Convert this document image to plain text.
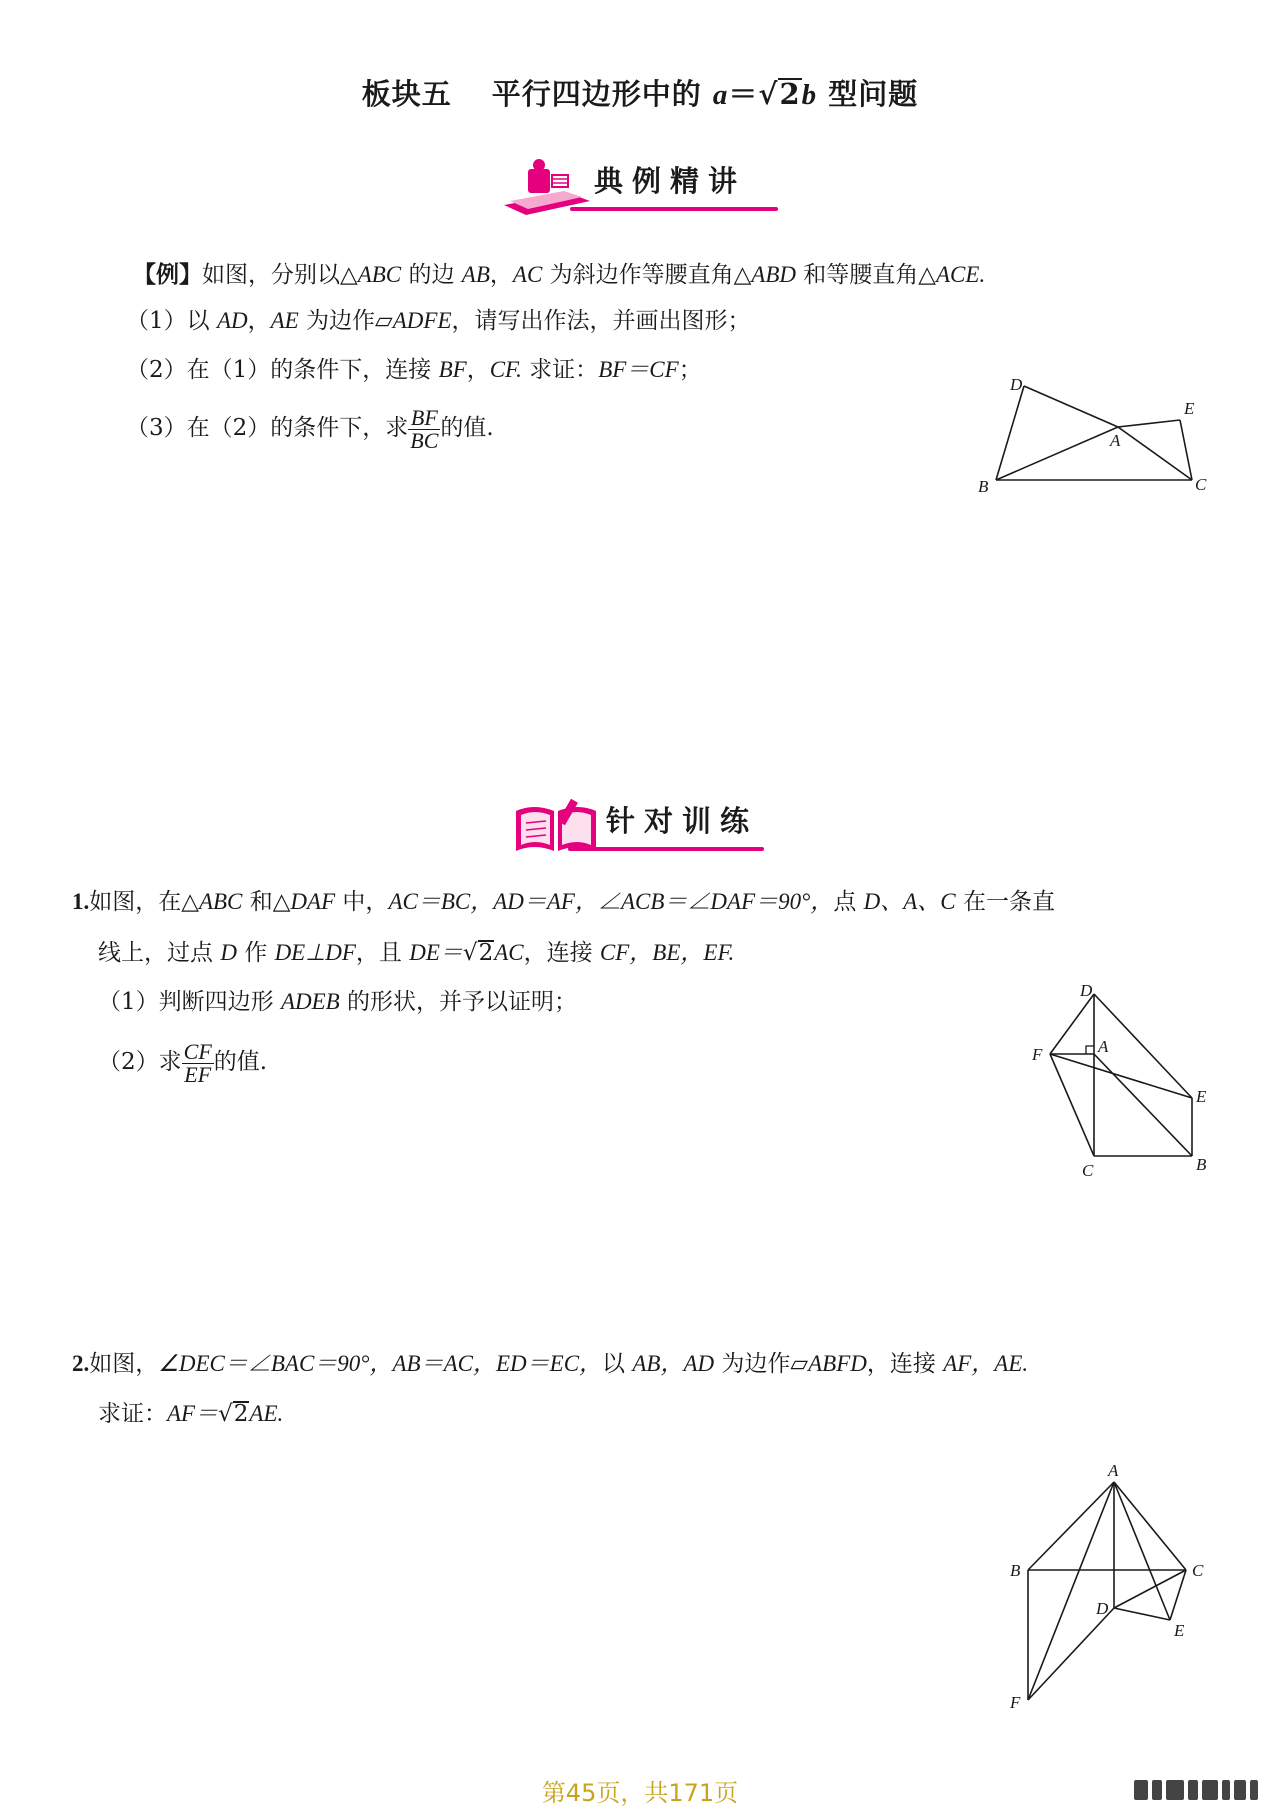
板块五 平行四边形中的 a＝√2b 型问题
典例精讲
【例】如图，分别以△ABC 的边 AB，AC 为斜边作等腰直角△ABD 和等腰直角△ACE.
（1）以 AD，AE 为边作▱ADFE，请写出作法，并画出图形；
（2）在（1）的条件下，连接 BF，CF. 求证：BF＝CF；
（3）在（2）的条件下，求 $\frac{BF}{BC}$ 的值.
D
E
A
B	C
针对训练
1.如图，在△ABC 和△DAF 中，AC＝BC，AD＝AF，∠ACB＝∠DAF＝90°，点 D、A、C 在一条直
线上，过点 D 作 DE⊥DF，且 DE＝√2AC，连接 CF，BE，EF.
（1）判断四边形 ADEB 的形状，并予以证明；
（2）求 $\frac{CF}{EF}$ 的值.
D
F	A
E
C	B
2.如图，∠DEC＝∠BAC＝90°，AB＝AC，ED＝EC，以 AB，AD 为边作▱ABFD，连接 AF，AE.
求证：AF＝√2AE.
A
B	C
D
E
F
第45页，共171页
